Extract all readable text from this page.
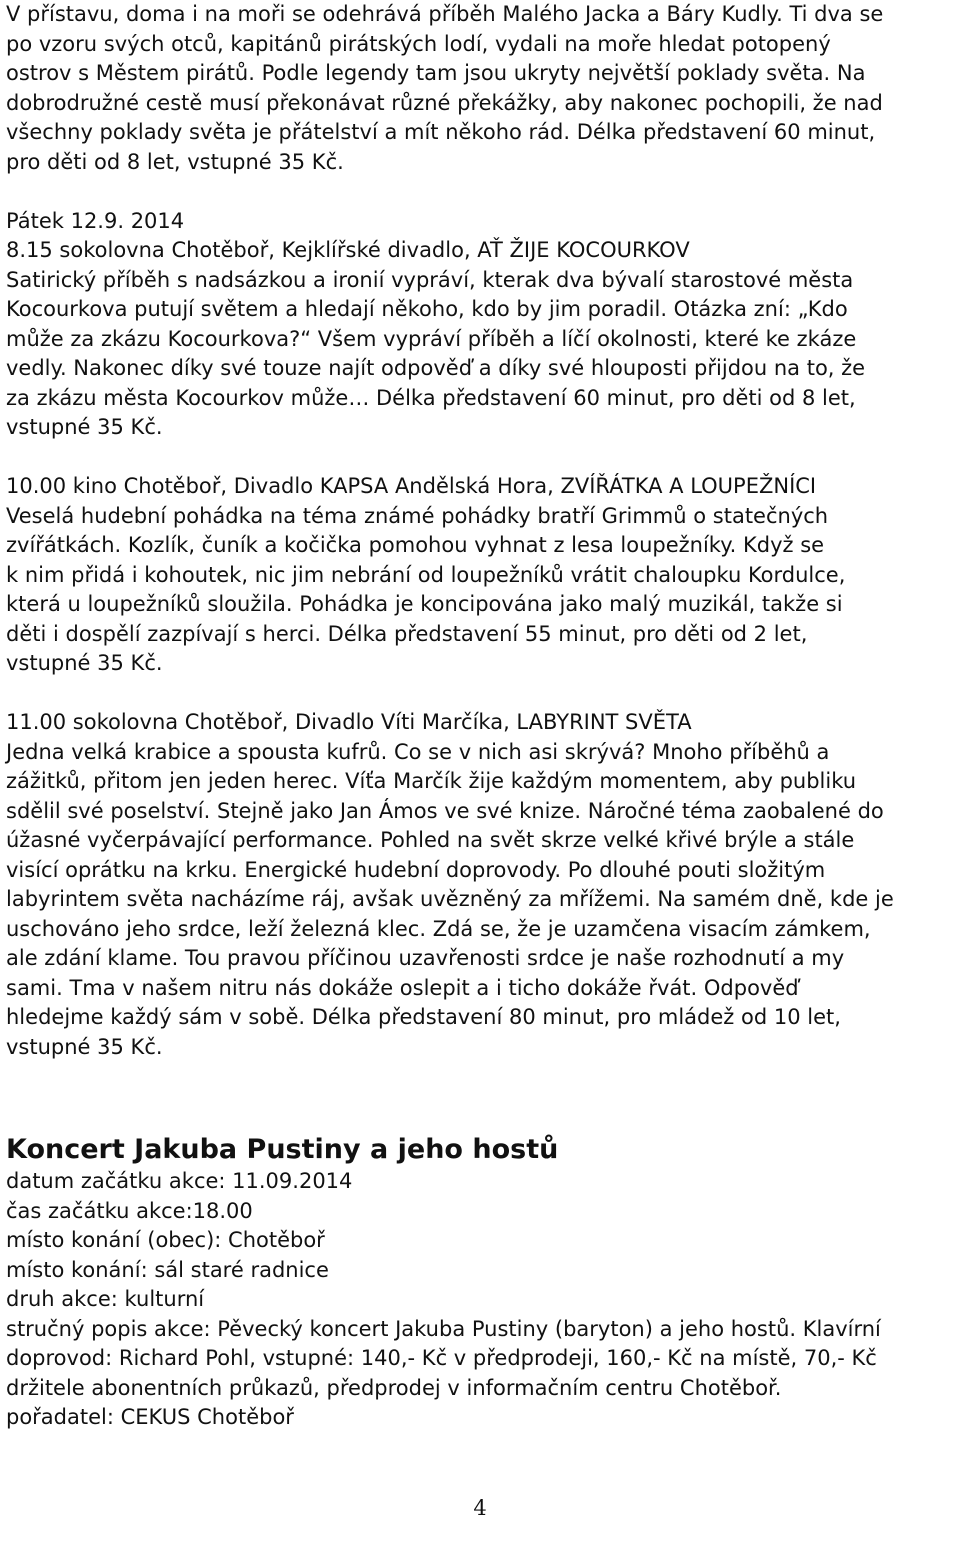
V přístavu, doma i na moři se odehrává příběh Malého Jacka a Báry Kudly. Ti dva se
po vzoru svých otců, kapitánů pirátských lodí, vydali na moře hledat potopený
ostrov s Městem pirátů. Podle legendy tam jsou ukryty největší poklady světa. Na
dobrodružné cestě musí překonávat různé překážky, aby nakonec pochopili, že nad
všechny poklady světa je přátelství a mít někoho rád. Délka představení 60 minut,
pro děti od 8 let, vstupné 35 Kč.
Pátek 12.9. 2014
8.15 sokolovna Chotěboř, Kejklířské divadlo, AŤ ŽIJE KOCOURKOV
Satirický příběh s nadsázkou a ironií vypráví, kterak dva bývalí starostové města
Kocourkova putují světem a hledají někoho, kdo by jim poradil. Otázka zní: „Kdo
může za zkázu Kocourkova?“ Všem vypráví příběh a líčí okolnosti, které ke zkáze
vedly. Nakonec díky své touze najít odpověď a díky své hlouposti přijdou na to, že
za zkázu města Kocourkov může… Délka představení 60 minut, pro děti od 8 let,
vstupné 35 Kč.
10.00 kino Chotěboř, Divadlo KAPSA Andělská Hora, ZVÍŘÁTKA A LOUPEŽNÍCI
Veselá hudební pohádka na téma známé pohádky bratří Grimmů o statečných
zvířátkách. Kozlík, čuník a kočička pomohou vyhnat z lesa loupežníky. Když se
k nim přidá i kohoutek, nic jim nebrání od loupežníků vrátit chaloupku Kordulce,
která u loupežníků sloužila. Pohádka je koncipována jako malý muzikál, takže si
děti i dospělí zazpívají s herci. Délka představení 55 minut, pro děti od 2 let,
vstupné 35 Kč.
11.00 sokolovna Chotěboř, Divadlo Víti Marčíka, LABYRINT SVĚTA
Jedna velká krabice a spousta kufrů. Co se v nich asi skrývá? Mnoho příběhů a
zážitků, přitom jen jeden herec. Víťa Marčík žije každým momentem, aby publiku
sdělil své poselství. Stejně jako Jan Ámos ve své knize. Náročné téma zaobalené do
úžasné vyčerpávající performance. Pohled na svět skrze velké křivé brýle a stále
visící oprátku na krku. Energické hudební doprovody. Po dlouhé pouti složitým
labyrintem světa nacházíme ráj, avšak uvězněný za mřížemi. Na samém dně, kde je
uschováno jeho srdce, leží železná klec. Zdá se, že je uzamčena visacím zámkem,
ale zdání klame. Tou pravou příčinou uzavřenosti srdce je naše rozhodnutí a my
sami. Tma v našem nitru nás dokáže oslepit a i ticho dokáže řvát. Odpověď
hledejme každý sám v sobě. Délka představení 80 minut, pro mládež od 10 let,
vstupné 35 Kč.
Koncert Jakuba Pustiny a jeho hostů
datum začátku akce: 11.09.2014
čas začátku akce:18.00
místo konání (obec): Chotěboř
místo konání: sál staré radnice
druh akce: kulturní
stručný popis akce: Pěvecký koncert Jakuba Pustiny (baryton) a jeho hostů. Klavírní
doprovod: Richard Pohl, vstupné: 140,- Kč v předprodeji, 160,- Kč na místě, 70,- Kč
držitele abonentních průkazů, předprodej v informačním centru Chotěboř.
pořadatel: CEKUS Chotěboř
4
